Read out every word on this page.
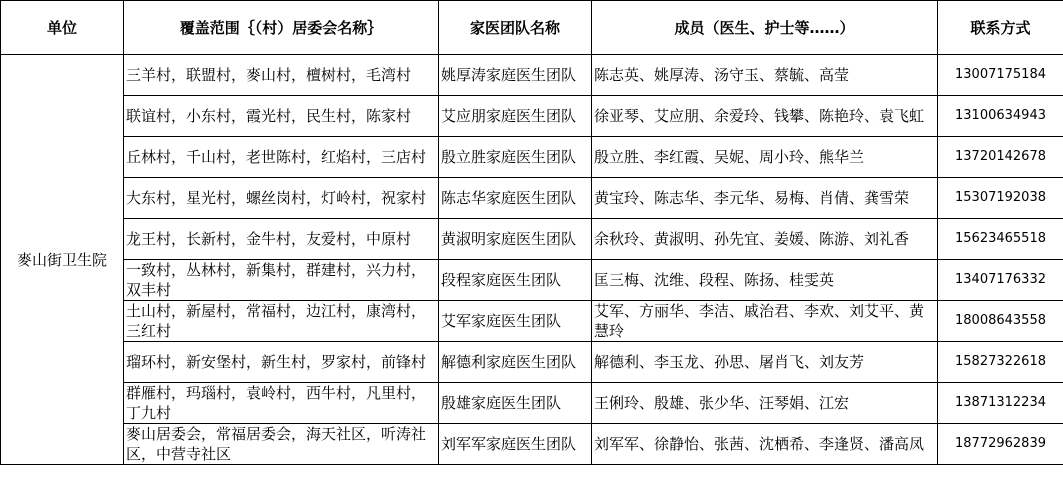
单位	覆盖范围｛（村）居委会名称｝	家医团队名称	成员（医生、护士等……）	联系方式
麥山街卫生院	三羊村，联盟村，麥山村，檀树村，毛湾村	姚厚涛家庭医生团队	陈志英、姚厚涛、汤守玉、蔡毓、高莹	13007175184
	联谊村，小东村，霞光村，民生村，陈家村	艾应朋家庭医生团队	徐亚琴、艾应朋、余爱玲、钱攀、陈艳玲、袁飞虹	13100634943
	丘林村，千山村，老世陈村，红焰村，三店村	殷立胜家庭医生团队	殷立胜、李红霞、吴妮、周小玲、熊华兰	13720142678
	大东村，星光村，螺丝岗村，灯岭村，祝家村	陈志华家庭医生团队	黄宝玲、陈志华、李元华、易梅、肖倩、龚雪荣	15307192038
	龙王村，长新村，金牛村，友爱村，中原村	黄淑明家庭医生团队	余秋玲、黄淑明、孙先宜、姜媛、陈游、刘礼香	15623465518
	一致村，丛林村，新集村，群建村，兴力村，双丰村	段程家庭医生团队	匡三梅、沈维、段程、陈扬、桂雯英	13407176332
	土山村，新屋村，常福村，边江村，康湾村，三红村	艾军家庭医生团队	艾军、方丽华、李洁、戚治君、李欢、刘艾平、黄慧玲	18008643558
	瑠环村，新安堡村，新生村，罗家村，前锋村	解德利家庭医生团队	解德利、李玉龙、孙思、屠肖飞、刘友芳	15827322618
	群雁村，玛瑙村，袁岭村，西牛村，凡里村，丁九村	殷雄家庭医生团队	王俐玲、殷雄、张少华、汪琴娟、江宏	13871312234
	麥山居委会，常福居委会，海天社区，听涛社区，中营寺社区	刘军军家庭医生团队	刘军军、徐静怡、张茜、沈栖希、李逢贤、潘高凤	18772962839
